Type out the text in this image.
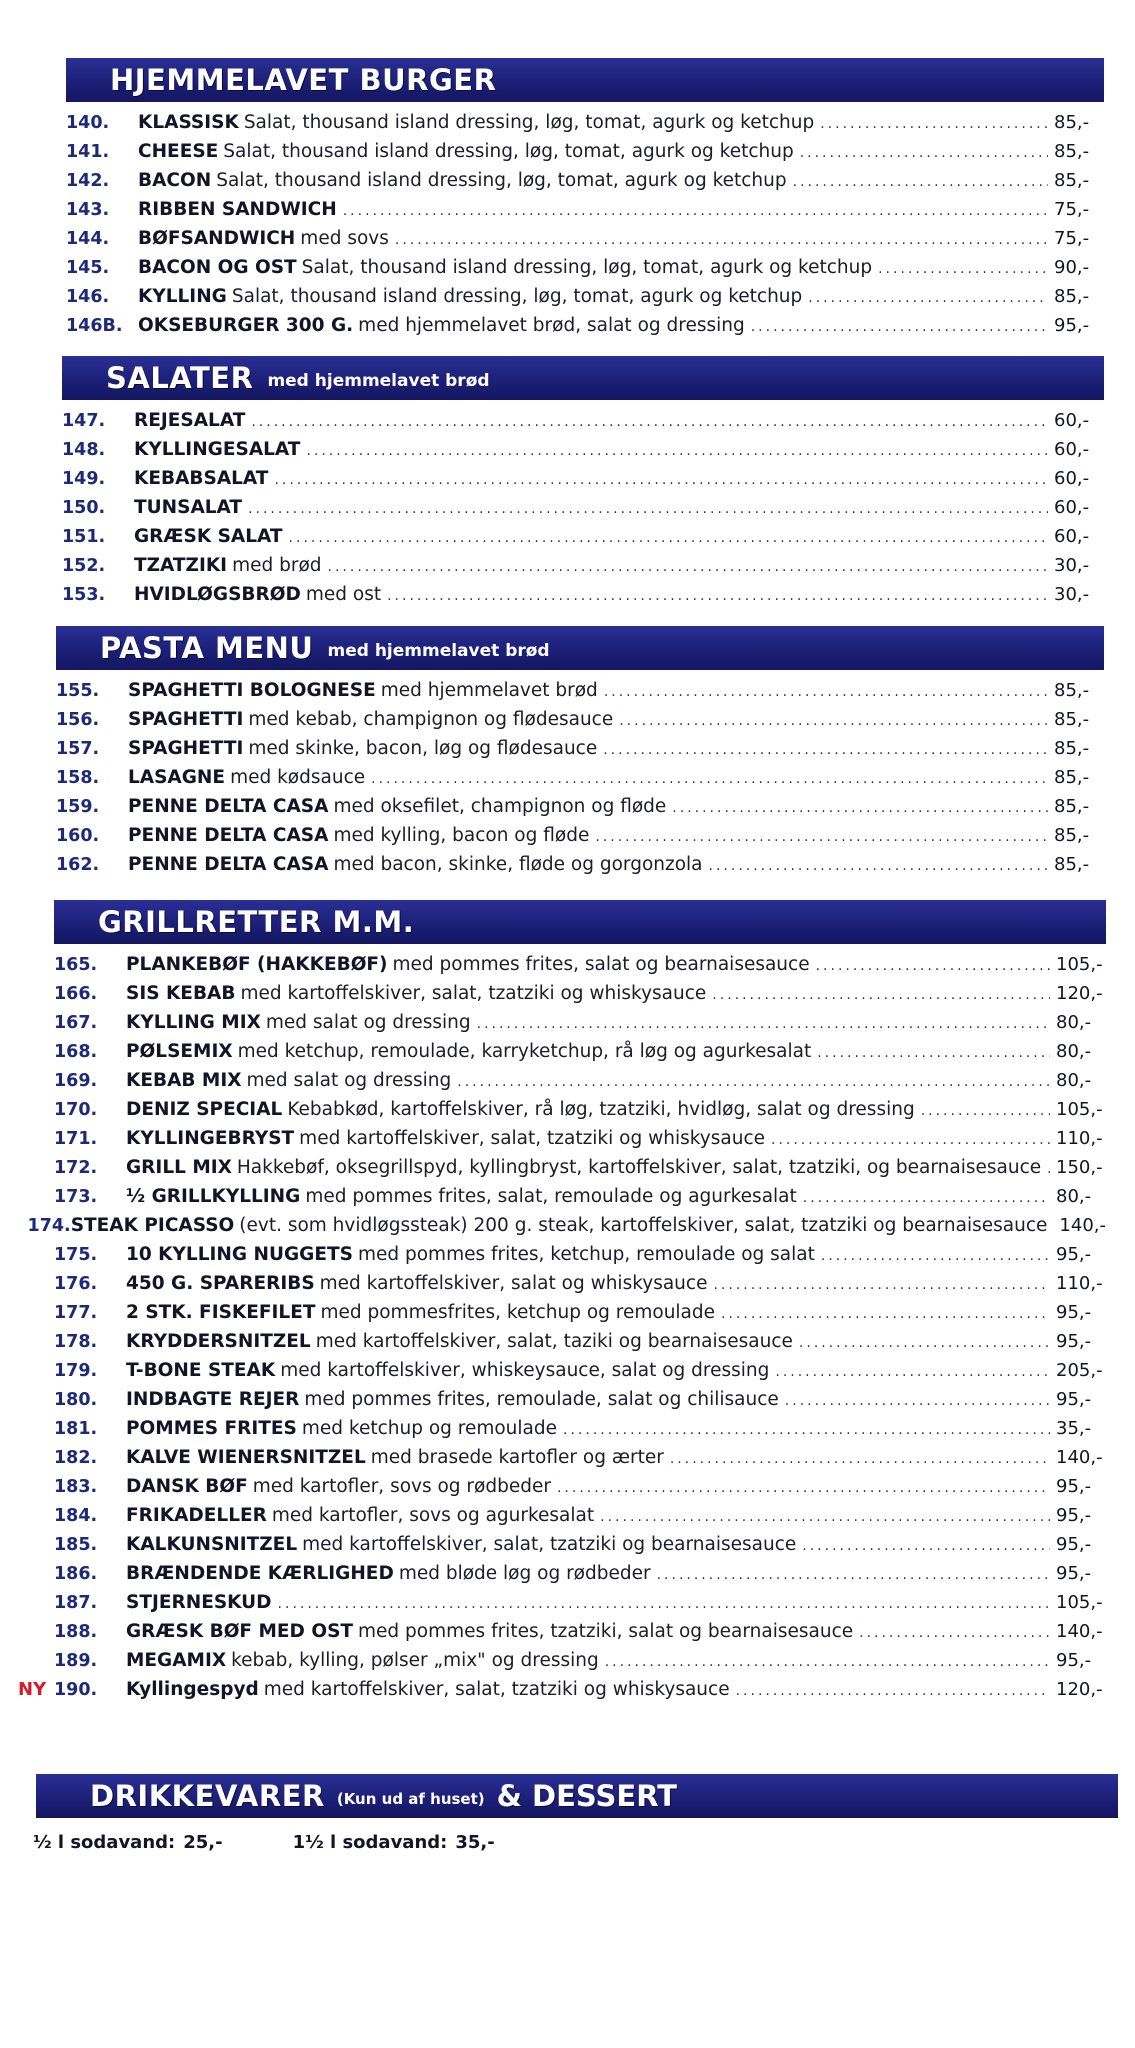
HJEMMELAVET BURGER
140.	KLASSISK Salat, thousand island dressing, løg, tomat, agurk og ketchup .....	85,-
141.	CHEESE Salat, thousand island dressing, løg, tomat, agurk og ketchup .....	85,-
142.	BACON Salat, thousand island dressing, løg, tomat, agurk og ketchup .....	85,-
143.	RIBBEN SANDWICH .....	75,-
144.	BØFSANDWICH med sovs .....	75,-
145.	BACON OG OST Salat, thousand island dressing, løg, tomat, agurk og ketchup .....	90,-
146.	KYLLING Salat, thousand island dressing, løg, tomat, agurk og ketchup .....	85,-
146B. OKSEBURGER 300 G. med hjemmelavet brød, salat og dressing .....	95,-
SALATER med hjemmelavet brød
147.	REJESALAT .....	60,-
148.	KYLLINGESALAT .....	60,-
149.	KEBABSALAT .....	60,-
150.	TUNSALAT .....	60,-
151.	GRÆSK SALAT .....	60,-
152.	TZATZIKI med brød .....	30,-
153.	HVIDLØGSBRØD med ost .....	30,-
PASTA MENU med hjemmelavet brød
155.	SPAGHETTI BOLOGNESE med hjemmelavet brød .....	85,-
156.	SPAGHETTI med kebab, champignon og flødesauce .....	85,-
157.	SPAGHETTI med skinke, bacon, løg og flødesauce .....	85,-
158.	LASAGNE med kødsauce .....	85,-
159.	PENNE DELTA CASA med oksefilet, champignon og fløde .....	85,-
160.	PENNE DELTA CASA med kylling, bacon og fløde .....	85,-
162.	PENNE DELTA CASA med bacon, skinke, fløde og gorgonzola .....	85,-
GRILLRETTER M.M.
165.	PLANKEBØF (HAKKEBØF) med pommes frites, salat og bearnaisesauce .....	105,-
166.	SIS KEBAB med kartoffelskiver, salat, tzatziki og whiskysauce .....	120,-
167.	KYLLING MIX med salat og dressing .....	80,-
168.	PØLSEMIX med ketchup, remoulade, karryketchup, rå løg og agurkesalat .....	80,-
169.	KEBAB MIX med salat og dressing .....	80,-
170.	DENIZ SPECIAL Kebabkød, kartoffelskiver, rå løg, tzatziki, hvidløg, salat og dressing .....	105,-
171.	KYLLINGEBRYST med kartoffelskiver, salat, tzatziki og whiskysauce .....	110,-
172.	GRILL MIX Hakkebøf, oksegrillspyd, kyllingbryst, kartoffelskiver, salat, tzatziki, og bearnaisesauce ..... 150,-
173.	½ GRILLKYLLING med pommes frites, salat, remoulade og agurkesalat .....	80,-
174. STEAK PICASSO (evt. som hvidløgssteak) 200 g. steak, kartoffelskiver, salat, tzatziki og bearnaisesauce 140,-
175.	10 KYLLING NUGGETS med pommes frites, ketchup, remoulade og salat .....	95,-
176.	450 G. SPARERIBS med kartoffelskiver, salat og whiskysauce .....	110,-
177.	2 STK. FISKEFILET med pommesfrites, ketchup og remoulade .....	95,-
178.	KRYDDERSNITZEL med kartoffelskiver, salat, taziki og bearnaisesauce .....	95,-
179.	T-BONE STEAK med kartoffelskiver, whiskeysauce, salat og dressing .....	205,-
180.	INDBAGTE REJER med pommes frites, remoulade, salat og chilisauce .....	95,-
181.	POMMES FRITES med ketchup og remoulade .....	35,-
182.	KALVE WIENERSNITZEL med brasede kartofler og ærter .....	140,-
183.	DANSK BØF med kartofler, sovs og rødbeder .....	95,-
184.	FRIKADELLER med kartofler, sovs og agurkesalat .....	95,-
185.	KALKUNSNITZEL med kartoffelskiver, salat, tzatziki og bearnaisesauce .....	95,-
186.	BRÆNDENDE KÆRLIGHED med bløde løg og rødbeder .....	95,-
187.	STJERNESKUD .....	105,-
188.	GRÆSK BØF MED OST med pommes frites, tzatziki, salat og bearnaisesauce .....	140,-
189.	MEGAMIX kebab, kylling, pølser „mix" og dressing .....	95,-
NY 190.	Kyllingespyd med kartoffelskiver, salat, tzatziki og whiskysauce .....	120,-
DRIKKEVARER (Kun ud af huset) & DESSERT
½ l sodavand: 25,-	1½ l sodavand: 35,-
